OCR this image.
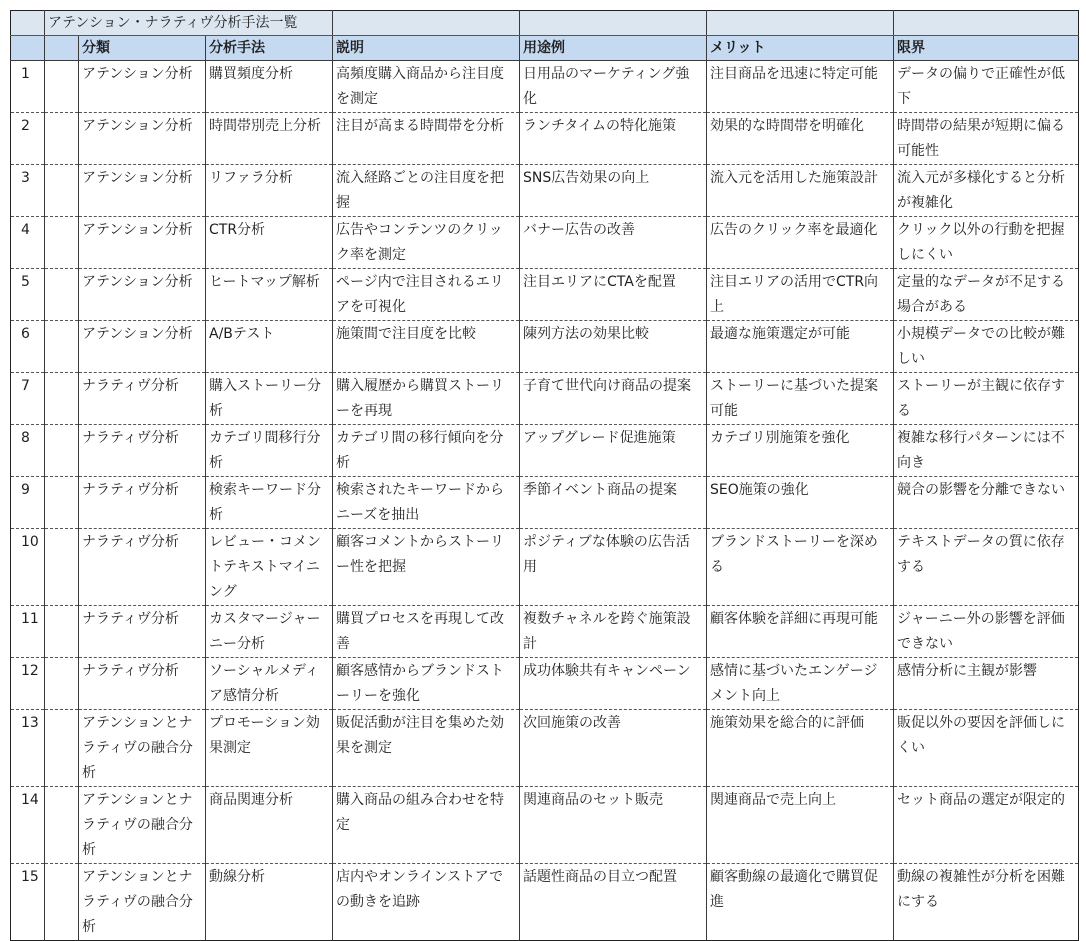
	アテンション・ナラティヴ分析手法一覧						
		分類	分析手法	説明	用途例	メリット	限界
1		アテンション分析	購買頻度分析	高頻度購入商品から注目度を測定	日用品のマーケティング強化	注目商品を迅速に特定可能	データの偏りで正確性が低下
2		アテンション分析	時間帯別売上分析	注目が高まる時間帯を分析	ランチタイムの特化施策	効果的な時間帯を明確化	時間帯の結果が短期に偏る可能性
3		アテンション分析	リファラ分析	流入経路ごとの注目度を把握	SNS広告効果の向上	流入元を活用した施策設計	流入元が多様化すると分析が複雑化
4		アテンション分析	CTR分析	広告やコンテンツのクリック率を測定	バナー広告の改善	広告のクリック率を最適化	クリック以外の行動を把握しにくい
5		アテンション分析	ヒートマップ解析	ページ内で注目されるエリアを可視化	注目エリアにCTAを配置	注目エリアの活用でCTR向上	定量的なデータが不足する場合がある
6		アテンション分析	A/Bテスト	施策間で注目度を比較	陳列方法の効果比較	最適な施策選定が可能	小規模データでの比較が難しい
7		ナラティヴ分析	購入ストーリー分析	購入履歴から購買ストーリーを再現	子育て世代向け商品の提案	ストーリーに基づいた提案可能	ストーリーが主観に依存する
8		ナラティヴ分析	カテゴリ間移行分析	カテゴリ間の移行傾向を分析	アップグレード促進施策	カテゴリ別施策を強化	複雑な移行パターンには不向き
9		ナラティヴ分析	検索キーワード分析	検索されたキーワードからニーズを抽出	季節イベント商品の提案	SEO施策の強化	競合の影響を分離できない
10		ナラティヴ分析	レビュー・コメントテキストマイニング	顧客コメントからストーリー性を把握	ポジティブな体験の広告活用	ブランドストーリーを深める	テキストデータの質に依存する
11		ナラティヴ分析	カスタマージャーニー分析	購買プロセスを再現して改善	複数チャネルを跨ぐ施策設計	顧客体験を詳細に再現可能	ジャーニー外の影響を評価できない
12		ナラティヴ分析	ソーシャルメディア感情分析	顧客感情からブランドストーリーを強化	成功体験共有キャンペーン	感情に基づいたエンゲージメント向上	感情分析に主観が影響
13		アテンションとナラティヴの融合分析	プロモーション効果測定	販促活動が注目を集めた効果を測定	次回施策の改善	施策効果を総合的に評価	販促以外の要因を評価しにくい
14		アテンションとナラティヴの融合分析	商品関連分析	購入商品の組み合わせを特定	関連商品のセット販売	関連商品で売上向上	セット商品の選定が限定的
15		アテンションとナラティヴの融合分析	動線分析	店内やオンラインストアでの動きを追跡	話題性商品の目立つ配置	顧客動線の最適化で購買促進	動線の複雑性が分析を困難にする
